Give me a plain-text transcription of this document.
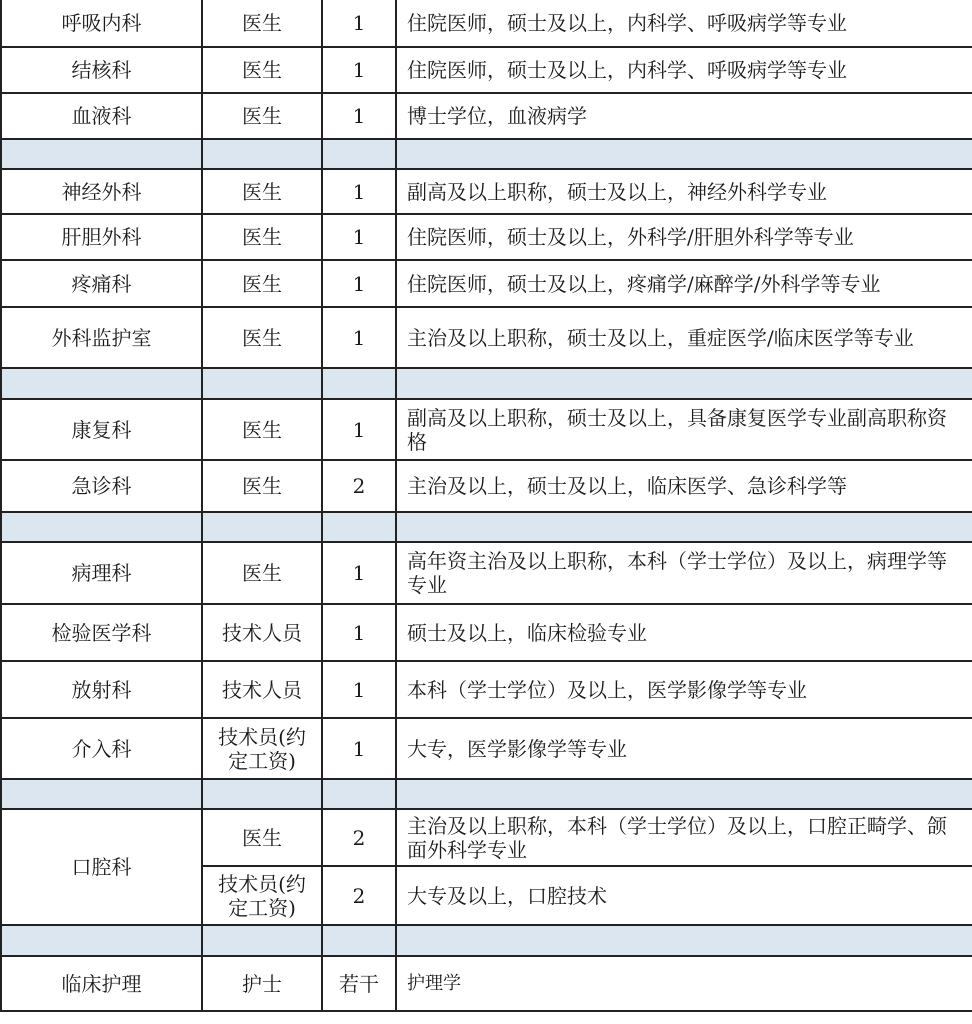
呼吸内科	医生	1	住院医师，硕士及以上，内科学、呼吸病学等专业
结核科	医生	1	住院医师，硕士及以上，内科学、呼吸病学等专业
血液科	医生	1	博士学位，血液病学

神经外科	医生	1	副高及以上职称，硕士及以上，神经外科学专业
肝胆外科	医生	1	住院医师，硕士及以上，外科学/肝胆外科学等专业
疼痛科	医生	1	住院医师，硕士及以上，疼痛学/麻醉学/外科学等专业
外科监护室	医生	1	主治及以上职称，硕士及以上，重症医学/临床医学等专业

康复科	医生	1	副高及以上职称，硕士及以上，具备康复医学专业副高职称资格
急诊科	医生	2	主治及以上，硕士及以上，临床医学、急诊科学等

病理科	医生	1	高年资主治及以上职称，本科（学士学位）及以上，病理学等专业
检验医学科	技术人员	1	硕士及以上，临床检验专业
放射科	技术人员	1	本科（学士学位）及以上，医学影像学等专业
介入科	技术员(约定工资)	1	大专，医学影像学等专业

口腔科	医生	2	主治及以上职称，本科（学士学位）及以上，口腔正畸学、颌面外科学专业
	技术员(约定工资)	2	大专及以上，口腔技术

临床护理	护士	若干	护理学
